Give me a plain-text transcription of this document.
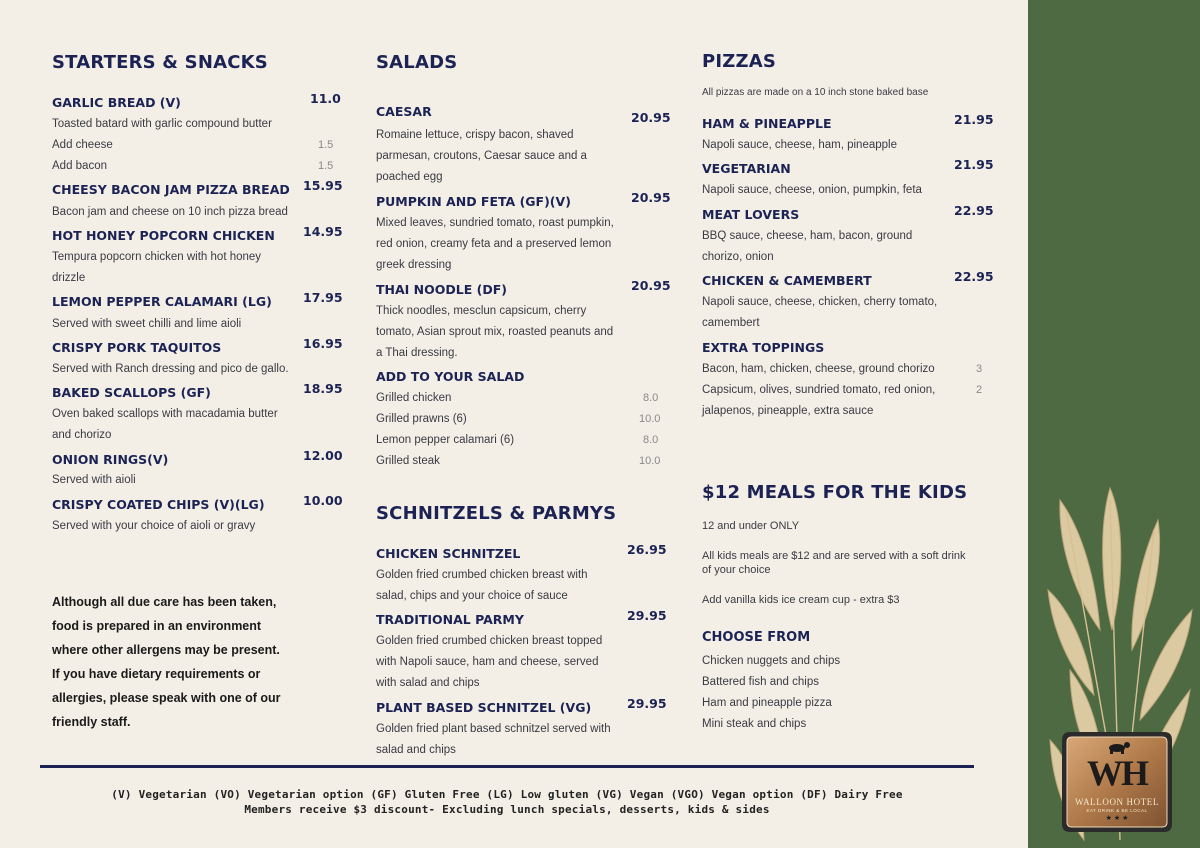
STARTERS & SNACKS
GARLIC BREAD (V)	11.0
Toasted batard with garlic compound butter
Add cheese	1.5
Add bacon	1.5
CHEESY BACON JAM PIZZA BREAD 15.95
Bacon jam and cheese on 10 inch pizza bread
HOT HONEY POPCORN CHICKEN 14.95
Tempura popcorn chicken with hot honey
drizzle
LEMON PEPPER CALAMARI (LG) 17.95
Served with sweet chilli and lime aioli
CRISPY PORK TAQUITOS	16.95
Served with Ranch dressing and pico de gallo.
BAKED SCALLOPS (GF)	18.95
Oven baked scallops with macadamia butter
and chorizo
ONION RINGS(V)	12.00
Served with aioli
CRISPY COATED CHIPS (V)(LG)	10.00
Served with your choice of aioli or gravy
Although all due care has been taken,
food is prepared in an environment
where other allergens may be present.
If you have dietary requirements or
allergies, please speak with one of our
friendly staff.
SALADS
CAESAR	20.95
Romaine lettuce, crispy bacon, shaved
parmesan, croutons, Caesar sauce and a
poached egg
PUMPKIN AND FETA (GF)(V)	20.95
Mixed leaves, sundried tomato, roast pumpkin,
red onion, creamy feta and a preserved lemon
greek dressing
THAI NOODLE (DF)	20.95
Thick noodles, mesclun capsicum, cherry
tomato, Asian sprout mix, roasted peanuts and
a Thai dressing.
ADD TO YOUR SALAD
Grilled chicken	8.0
Grilled prawns (6)	10.0
Lemon pepper calamari (6)	8.0
Grilled steak	10.0
SCHNITZELS & PARMYS
CHICKEN SCHNITZEL	26.95
Golden fried crumbed chicken breast with
salad, chips and your choice of sauce
TRADITIONAL PARMY	29.95
Golden fried crumbed chicken breast topped
with Napoli sauce, ham and cheese, served
with salad and chips
PLANT BASED SCHNITZEL (VG)	29.95
Golden fried plant based schnitzel served with
salad and chips
PIZZAS
All pizzas are made on a 10 inch stone baked base
HAM & PINEAPPLE	21.95
Napoli sauce, cheese, ham, pineapple
VEGETARIAN	21.95
Napoli sauce, cheese, onion, pumpkin, feta
MEAT LOVERS	22.95
BBQ sauce, cheese, ham, bacon, ground
chorizo, onion
CHICKEN & CAMEMBERT	22.95
Napoli sauce, cheese, chicken, cherry tomato,
camembert
EXTRA TOPPINGS
Bacon, ham, chicken, cheese, ground chorizo	3
Capsicum, olives, sundried tomato, red onion,	2
jalapenos, pineapple, extra sauce
$12 MEALS FOR THE KIDS
12 and under ONLY
All kids meals are $12 and are served with a soft drink
of your choice
Add vanilla kids ice cream cup - extra $3
CHOOSE FROM
Chicken nuggets and chips
Battered fish and chips
Ham and pineapple pizza
Mini steak and chips
(V) Vegetarian (VO) Vegetarian option (GF) Gluten Free (LG) Low gluten (VG) Vegan (VGO) Vegan option (DF) Dairy Free
Members receive $3 discount- Excluding lunch specials, desserts, kids & sides
WH
WALLOON HOTEL
EAT DRINK & BE LOCAL
★ ★ ★
